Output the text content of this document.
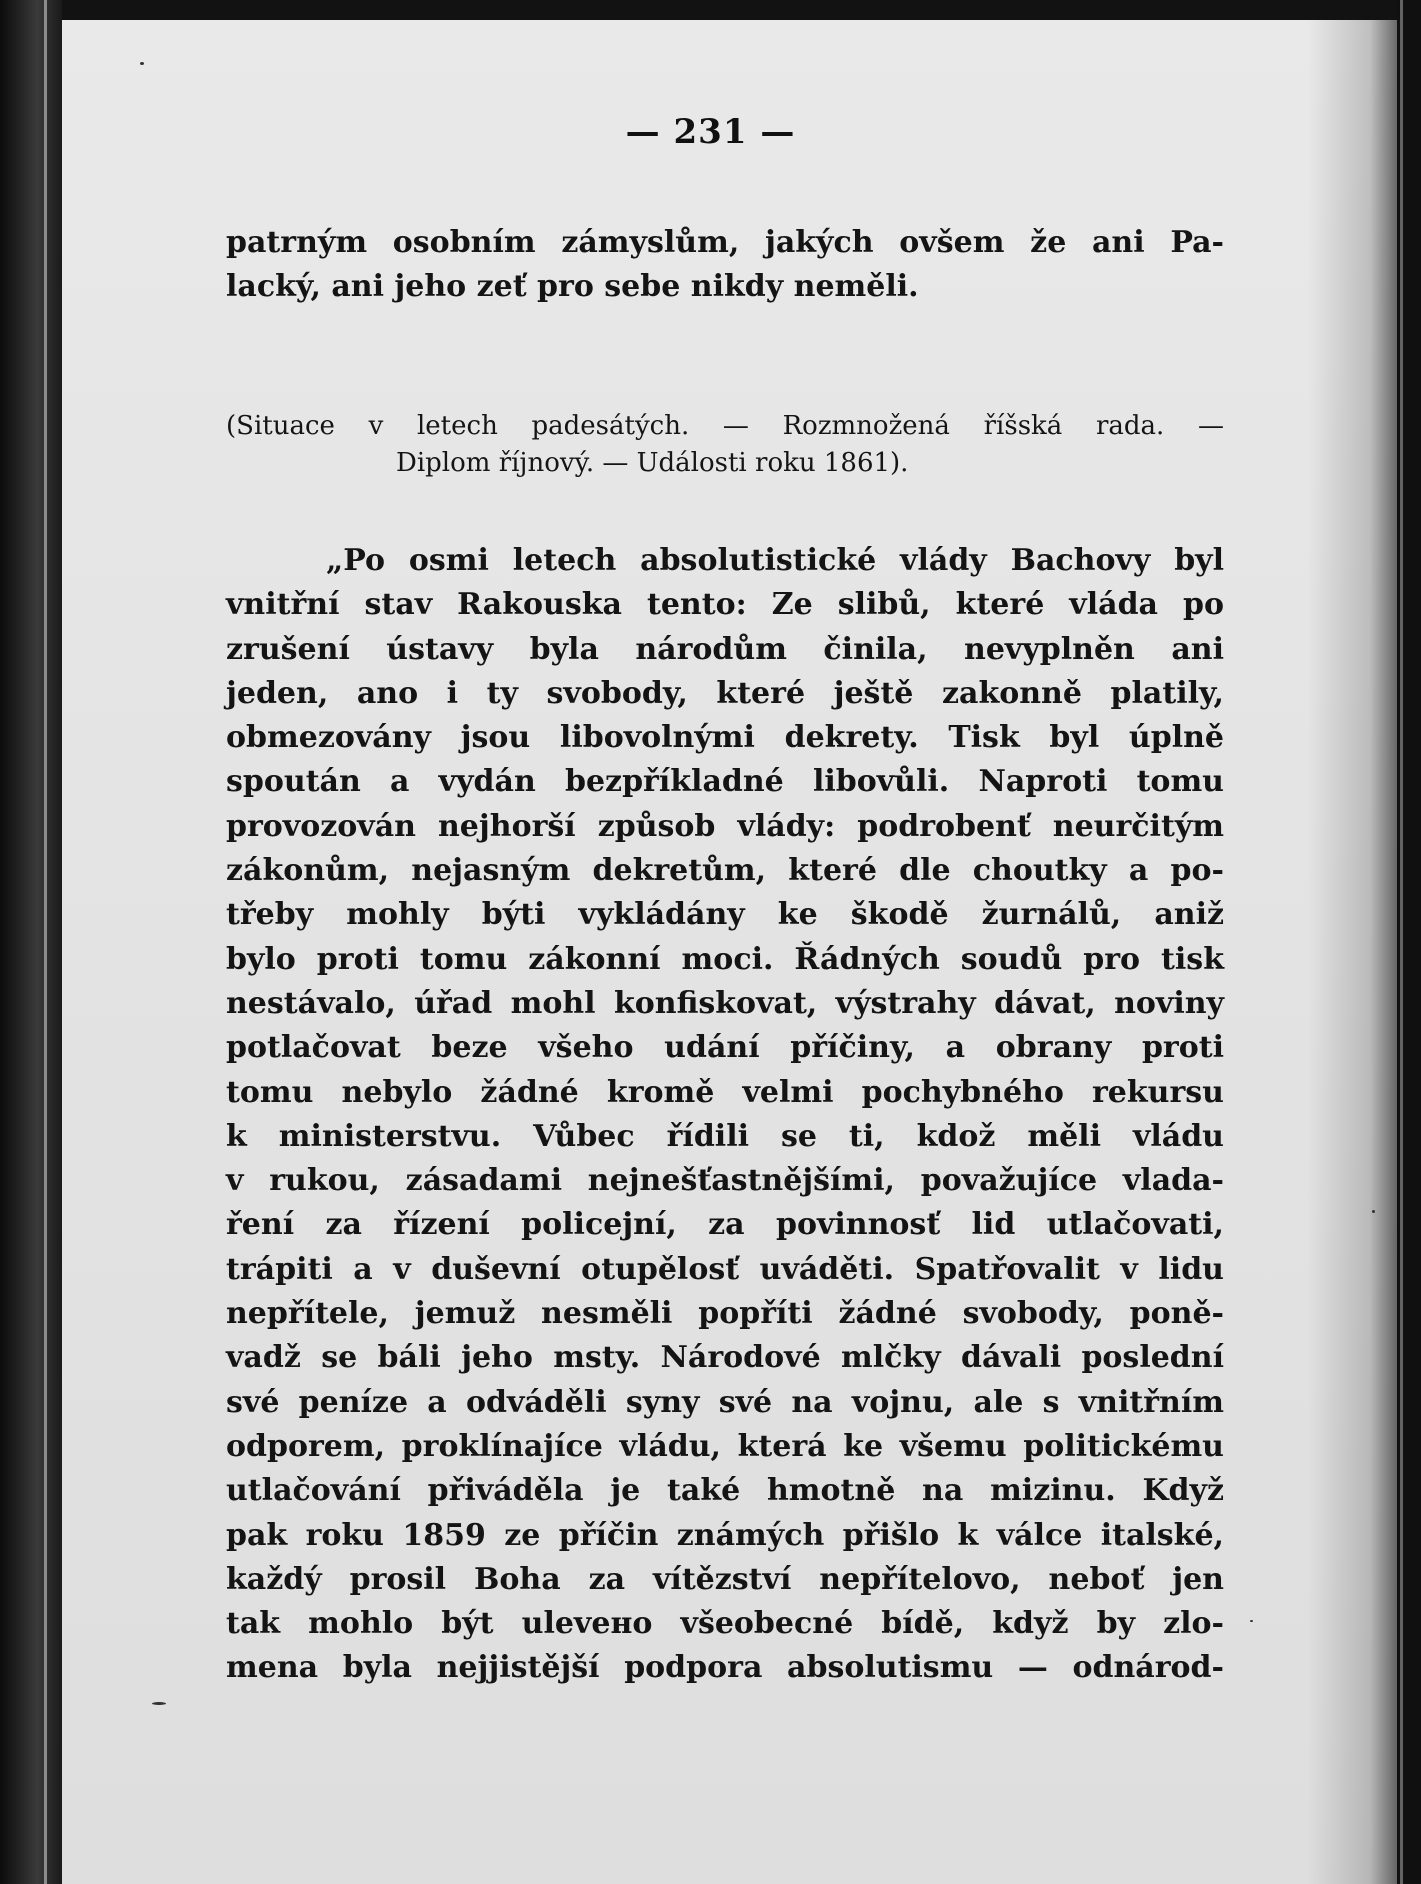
— 231 —
patrným osobním zámyslům, jakých ovšem že ani Pa-
lacký, ani jeho zeť pro sebe nikdy neměli.
(Situace v letech padesátých. — Rozmnožená říšská rada. —
Diplom říjnový. — Události roku 1861).
„Po osmi letech absolutistické vlády Bachovy byl
vnitřní stav Rakouska tento: Ze slibů, které vláda po
zrušení ústavy byla národům činila, nevyplněn ani
jeden, ano i ty svobody, které ještě zakonně platily,
obmezovány jsou libovolnými dekrety. Tisk byl úplně
spoután a vydán bezpříkladné libovůli. Naproti tomu
provozován nejhorší způsob vlády: podrobenť neurčitým
zákonům, nejasným dekretům, které dle choutky a po-
třeby mohly býti vykládány ke škodě žurnálů, aniž
bylo proti tomu zákonní moci. Řádných soudů pro tisk
nestávalo, úřad mohl konfiskovat, výstrahy dávat, noviny
potlačovat beze všeho udání příčiny, a obrany proti
tomu nebylo žádné kromě velmi pochybného rekursu
k ministerstvu. Vůbec řídili se ti, kdož měli vládu
v rukou, zásadami nejnešťastnějšími, považujíce vlada-
ření za řízení policejní, za povinnosť lid utlačovati,
trápiti a v duševní otupělosť uváděti. Spatřovalit v lidu
nepřítele, jemuž nesměli popříti žádné svobody, poně-
vadž se báli jeho msty. Národové mlčky dávali poslední
své peníze a odváděli syny své na vojnu, ale s vnitřním
odporem, proklínajíce vládu, která ke všemu politickému
utlačování přiváděla je také hmotně na mizinu. Když
pak roku 1859 ze příčin známých přišlo k válce italské,
každý prosil Boha za vítězství nepřítelovo, neboť jen
tak mohlo být ulevено všeobecné bídě, když by zlo-
mena byla nejjistější podpora absolutismu — odnárod-
